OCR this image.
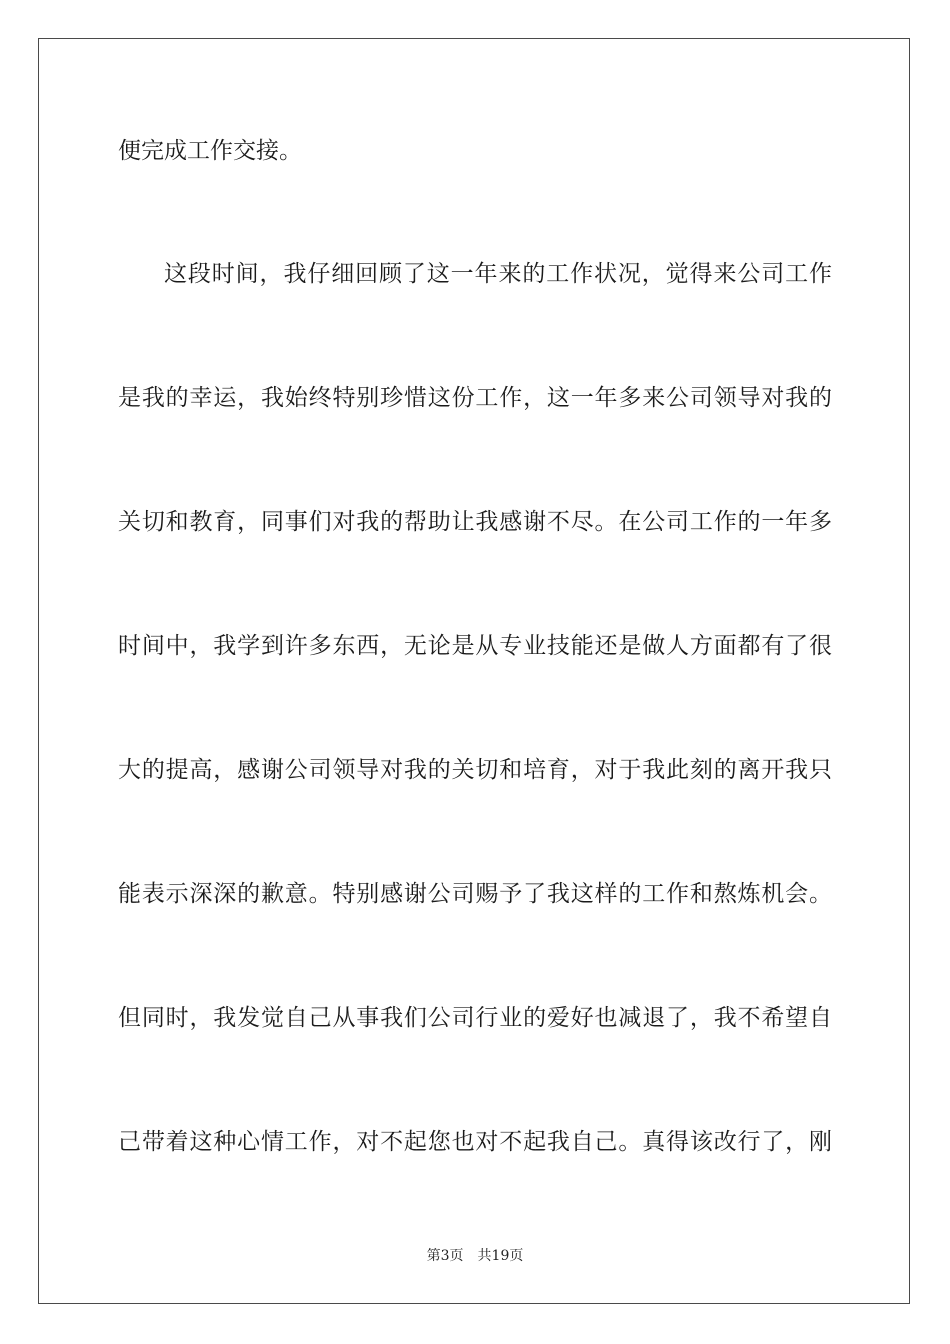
便完成工作交接。
这段时间，我仔细回顾了这一年来的工作状况，觉得来公司工作
是我的幸运，我始终特别珍惜这份工作，这一年多来公司领导对我的
关切和教育，同事们对我的帮助让我感谢不尽。在公司工作的一年多
时间中，我学到许多东西，无论是从专业技能还是做人方面都有了很
大的提高，感谢公司领导对我的关切和培育，对于我此刻的离开我只
能表示深深的歉意。特别感谢公司赐予了我这样的工作和熬炼机会。
但同时，我发觉自己从事我们公司行业的爱好也减退了，我不希望自
己带着这种心情工作，对不起您也对不起我自己。真得该改行了，刚
第3页 共19页
